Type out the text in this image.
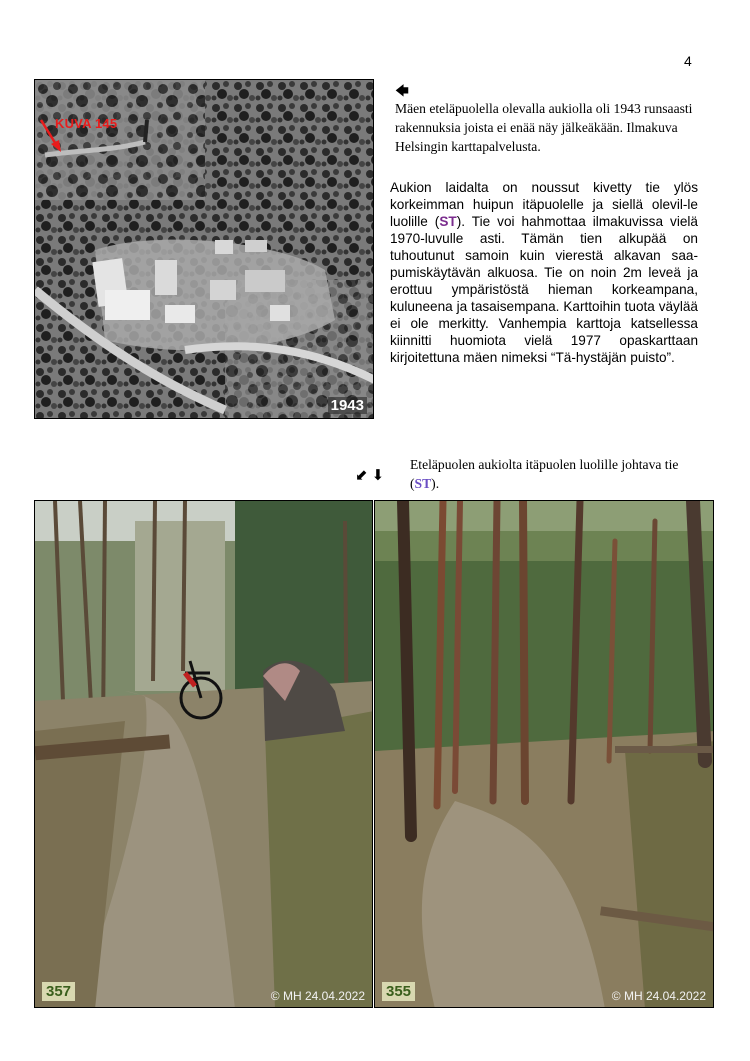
4
KUVA 145
1943
🡄
Mäen eteläpuolella olevalla aukiolla oli 1943 runsaasti rakennuksia joista ei enää näy jälkeäkään. Ilmakuva Helsingin karttapalvelusta.
Aukion laidalta on noussut kivetty tie ylös korkeimman huipun itäpuolelle ja siellä olevil-le luolille (ST). Tie voi hahmottaa ilmakuvissa vielä 1970-luvulle asti. Tämän tien alkupää on tuhoutunut samoin kuin vierestä alkavan saa-pumiskäytävän alkuosa. Tie on noin 2m leveä ja erottuu ympäristöstä hieman korkeampana, kuluneena ja tasaisempana. Karttoihin tuota väylää ei ole merkitty. Vanhempia karttoja katsellessa kiinnitti huomiota vielä 1977 opaskarttaan kirjoitettuna mäen nimeksi “Tä-hystäjän puisto”.
⬋⬇
Eteläpuolen aukiolta itäpuolen luolille johtava tie (ST).
357	© MH 24.04.2022 355	© MH 24.04.2022
